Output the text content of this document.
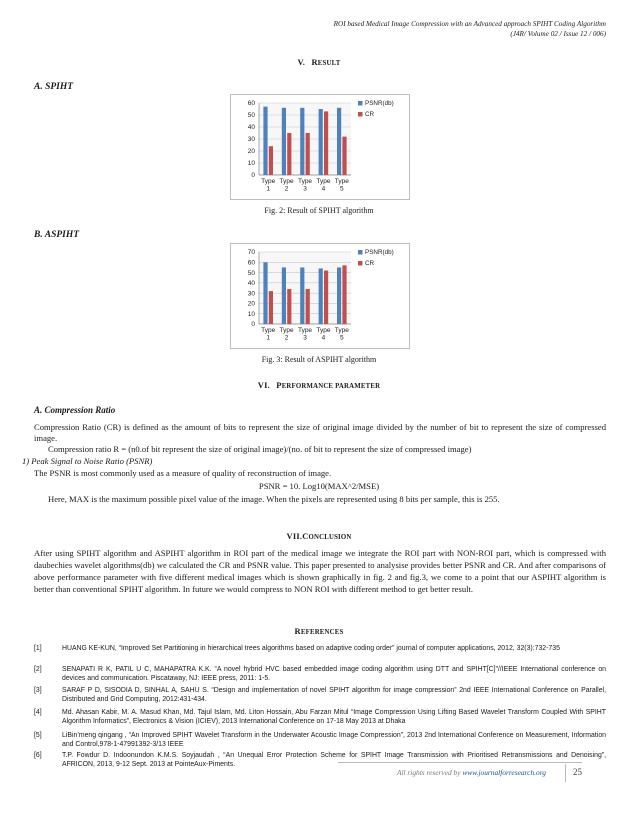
ROI based Medical Image Compression with an Advanced approach SPIHT Coding Algorithm
(J4R/ Volume 02 / Issue 12 / 006)
V. RESULT
A. SPIHT
0
10
20
30
40
50
60
Type
1
Type
2
Type
3
Type
4
Type
5
PSNR(db)
CR
Fig. 2: Result of SPIHT algorithm
B. ASPIHT
0
10
20
30
40
50
60
70
Type
1
Type
2
Type
3
Type
4
Type
5
PSNR(db)
CR
Fig. 3: Result of ASPIHT algorithm
VI. PERFORMANCE PARAMETER
A. Compression Ratio
Compression Ratio (CR) is defined as the amount of bits to represent the size of original image divided by the number of bit to represent the size of compressed image.
Compression ratio R = (n0.of bit represent the size of original image)/(no. of bit to represent the size of compressed image)
1) Peak Signal to Noise Ratio (PSNR)
The PSNR is most commonly used as a measure of quality of reconstruction of image.
PSNR = 10. Log10(MAX^2/MSE)
Here, MAX is the maximum possible pixel value of the image. When the pixels are represented using 8 bits per sample, this is 255.
VII.CONCLUSION
After using SPIHT algorithm and ASPIHT algorithm in ROI part of the medical image we integrate the ROI part with NON-ROI part, which is compressed with daubechies wavelet algorithms(db) we calculated the CR and PSNR value. This paper presented to analysise provides better PSNR and CR. And after comparisons of above performance parameter with five different medical images which is shown graphically in fig. 2 and fig.3, we come to a point that our ASPIHT algorithm is better than conventional SPIHT algorithm. In future we would compress to NON ROI with different method to get better result.
REFERENCES
[1]	HUANG KE-KUN, “Improved Set Partitioning in hierarchical trees algorithms based on adaptive coding order” journal of computer applications, 2012, 32(3):732-735
[2]	SENAPATI R K, PATIL U C, MAHAPATRA K.K. “A novel hybrid HVC based embedded image coding algorithm using DTT and SPIHT[C]”//IEEE International conference on devices and communication. Piscataway, NJ: IEEE press, 2011: 1-5.
[3]	SARAF P D, SISODIA D, SINHAL A, SAHU S. “Design and implementation of novel SPIHT algorithm for image compression” 2nd IEEE International Conference on Parallel, Distributed and Grid Computing, 2012:431-434.
[4]	Md. Ahasan Kabir, M. A. Masud Khan, Md. Tajul Islam, Md. Liton Hossain, Abu Farzan Mitul “Image Compression Using Lifting Based Wavelet Transform Coupled With SPIHT Algorithm Informatics”, Electronics & Vision (ICIEV), 2013 International Conference on 17-18 May 2013 at Dhaka
[5]	LiBin’meng qingang , “An Improved SPIHT Wavelet Transform in the Underwater Acoustic Image Compression”, 2013 2nd International Conference on Measurement, Information and Control,978-1-47991392-3/13 IEEE
[6]	T.P. Fowdur D. Indoonundon K.M.S. Soyjaudah , “An Unequal Error Protection Scheme for SPIHT Image Transmission with Prioritised Retransmissions and Denoising”, AFRICON, 2013, 9-12 Sept. 2013 at PointeAux-Piments.
All rights reserved by www.journalforresearch.org	25
